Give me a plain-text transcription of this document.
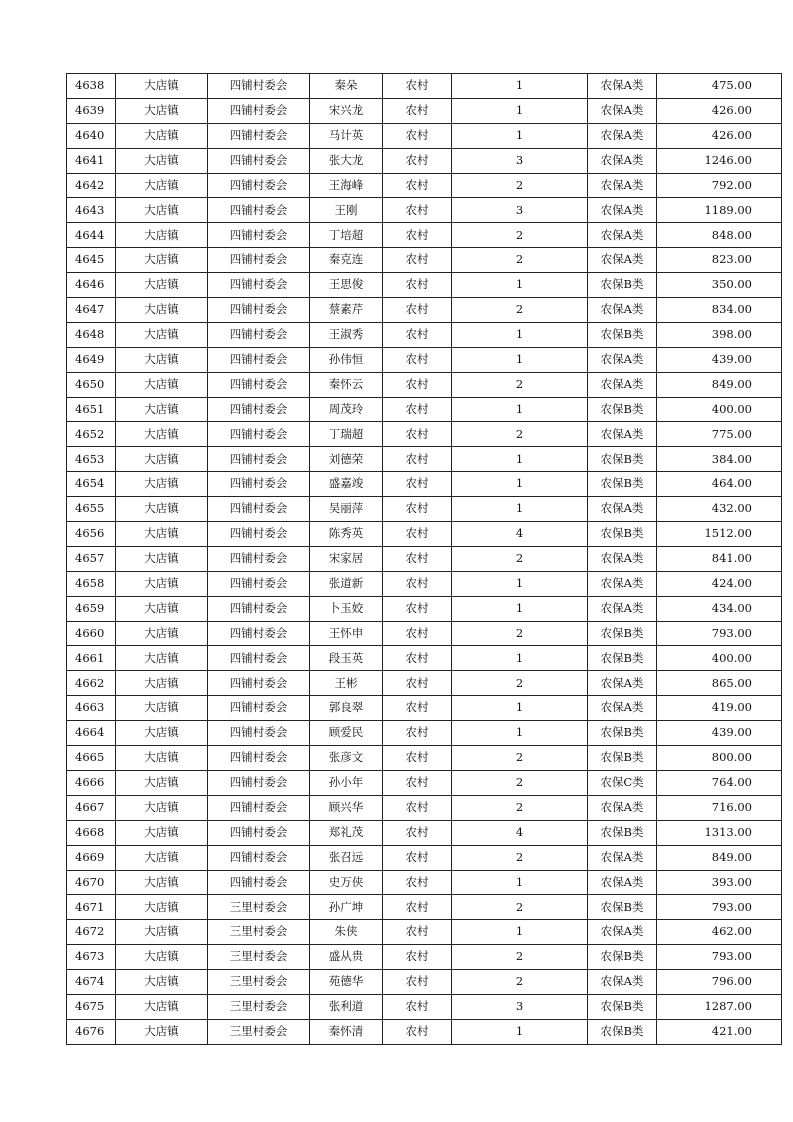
4638	大店镇	四铺村委会	秦朵	农村	1	农保A类	475.00
4639	大店镇	四铺村委会	宋兴龙	农村	1	农保A类	426.00
4640	大店镇	四铺村委会	马计英	农村	1	农保A类	426.00
4641	大店镇	四铺村委会	张大龙	农村	3	农保A类	1246.00
4642	大店镇	四铺村委会	王海峰	农村	2	农保A类	792.00
4643	大店镇	四铺村委会	王刚	农村	3	农保A类	1189.00
4644	大店镇	四铺村委会	丁培超	农村	2	农保A类	848.00
4645	大店镇	四铺村委会	秦克连	农村	2	农保A类	823.00
4646	大店镇	四铺村委会	王思俊	农村	1	农保B类	350.00
4647	大店镇	四铺村委会	蔡素芹	农村	2	农保A类	834.00
4648	大店镇	四铺村委会	王淑秀	农村	1	农保B类	398.00
4649	大店镇	四铺村委会	孙伟恒	农村	1	农保A类	439.00
4650	大店镇	四铺村委会	秦怀云	农村	2	农保A类	849.00
4651	大店镇	四铺村委会	周茂玲	农村	1	农保B类	400.00
4652	大店镇	四铺村委会	丁瑞超	农村	2	农保A类	775.00
4653	大店镇	四铺村委会	刘德荣	农村	1	农保B类	384.00
4654	大店镇	四铺村委会	盛嘉竣	农村	1	农保B类	464.00
4655	大店镇	四铺村委会	吴丽萍	农村	1	农保A类	432.00
4656	大店镇	四铺村委会	陈秀英	农村	4	农保B类	1512.00
4657	大店镇	四铺村委会	宋家居	农村	2	农保A类	841.00
4658	大店镇	四铺村委会	张道新	农村	1	农保A类	424.00
4659	大店镇	四铺村委会	卜玉姣	农村	1	农保A类	434.00
4660	大店镇	四铺村委会	王怀申	农村	2	农保B类	793.00
4661	大店镇	四铺村委会	段玉英	农村	1	农保B类	400.00
4662	大店镇	四铺村委会	王彬	农村	2	农保A类	865.00
4663	大店镇	四铺村委会	郭良翠	农村	1	农保A类	419.00
4664	大店镇	四铺村委会	顾爱民	农村	1	农保B类	439.00
4665	大店镇	四铺村委会	张彦文	农村	2	农保B类	800.00
4666	大店镇	四铺村委会	孙小年	农村	2	农保C类	764.00
4667	大店镇	四铺村委会	顾兴华	农村	2	农保A类	716.00
4668	大店镇	四铺村委会	郑礼茂	农村	4	农保B类	1313.00
4669	大店镇	四铺村委会	张召远	农村	2	农保A类	849.00
4670	大店镇	四铺村委会	史万侠	农村	1	农保A类	393.00
4671	大店镇	三里村委会	孙广坤	农村	2	农保B类	793.00
4672	大店镇	三里村委会	朱侠	农村	1	农保A类	462.00
4673	大店镇	三里村委会	盛从贵	农村	2	农保B类	793.00
4674	大店镇	三里村委会	苑德华	农村	2	农保A类	796.00
4675	大店镇	三里村委会	张利道	农村	3	农保B类	1287.00
4676	大店镇	三里村委会	秦怀清	农村	1	农保B类	421.00
